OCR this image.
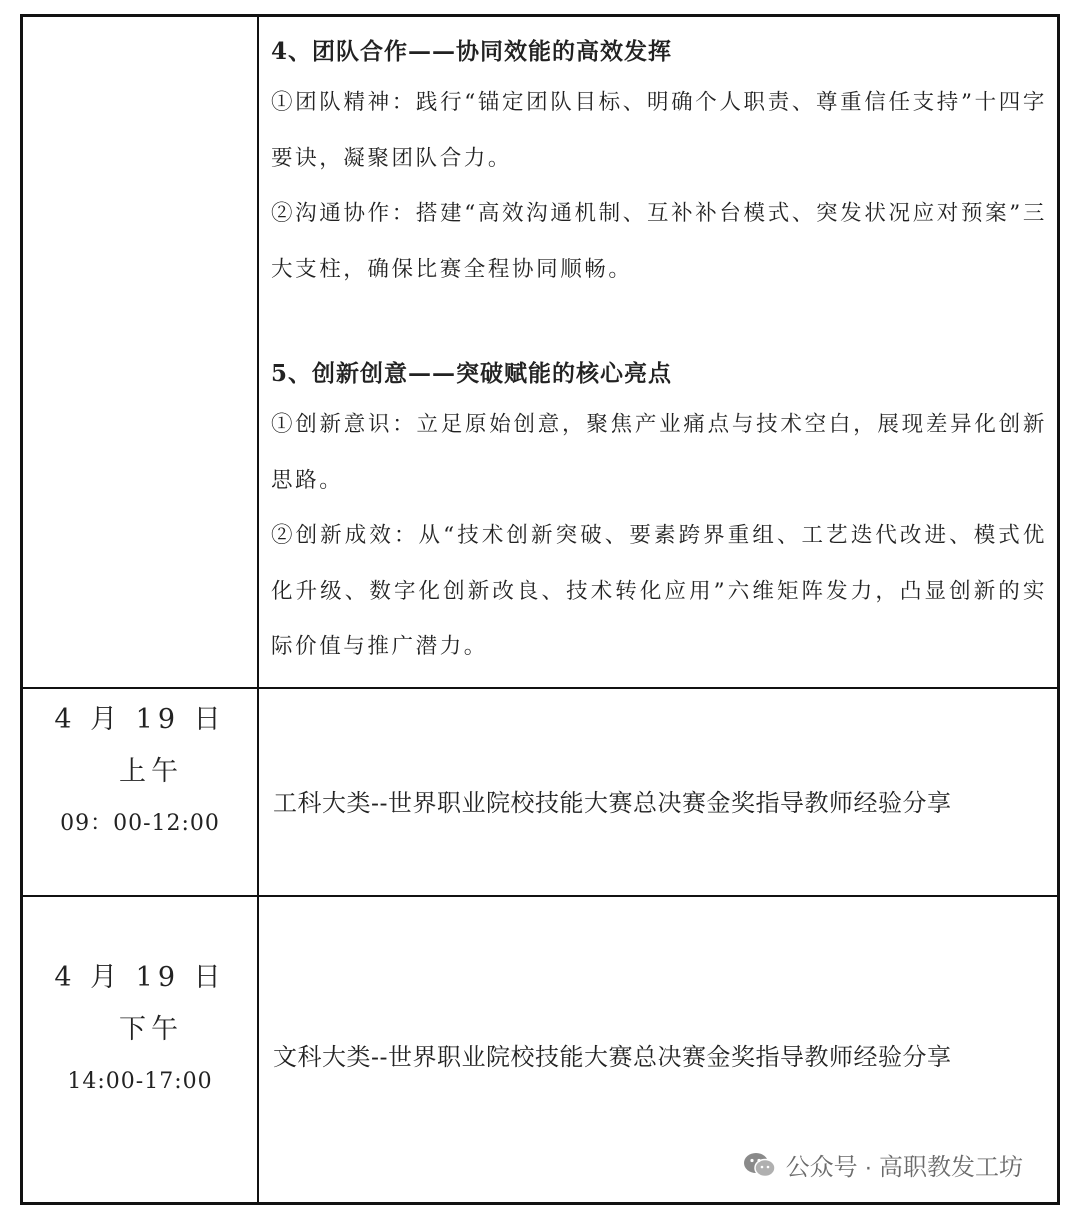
4、团队合作——协同效能的高效发挥

①团队精神：践行“锚定团队目标、明确个人职责、尊重信任支持”十四字要诀，凝聚团队合力。

②沟通协作：搭建“高效沟通机制、互补补台模式、突发状况应对预案”三大支柱，确保比赛全程协同顺畅。

5、创新创意——突破赋能的核心亮点

①创新意识：立足原始创意，聚焦产业痛点与技术空白，展现差异化创新思路。

②创新成效：从“技术创新突破、要素跨界重组、工艺迭代改进、模式优化升级、数字化创新改良、技术转化应用”六维矩阵发力，凸显创新的实际价值与推广潜力。

4 月 19 日
上午
09：00-12:00
工科大类--世界职业院校技能大赛总决赛金奖指导教师经验分享
4 月 19 日
下午
14:00-17:00
文科大类--世界职业院校技能大赛总决赛金奖指导教师经验分享
公众号 · 高职教发工坊
